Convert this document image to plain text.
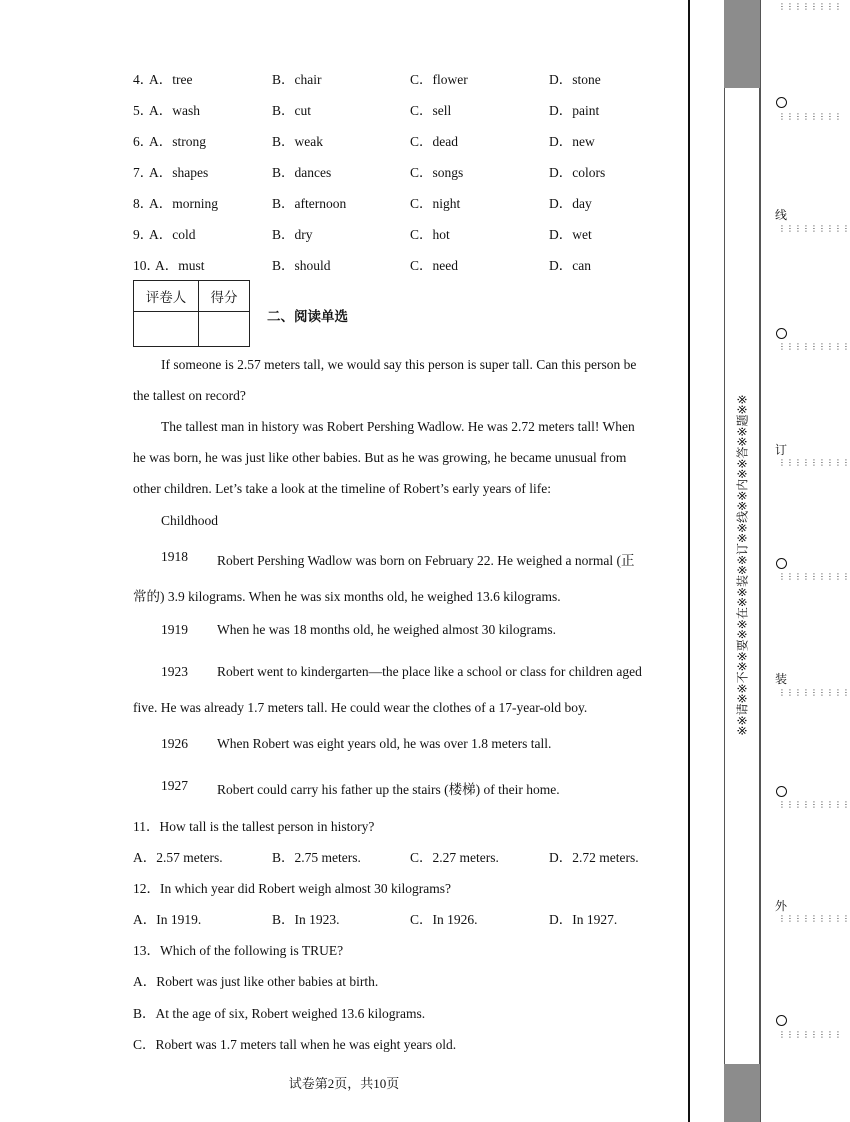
4．
A．tree	B．chair	C．flower	D．stone
5．
A．wash	B．cut	C．sell	D．paint
6．
A．strong	B．weak	C．dead	D．new
7．
A．shapes	B．dances	C．songs	D．colors
8．
A．morning	B．afternoon	C．night	D．day
9．
A．cold	B．dry	C．hot	D．wet
10．
A．must	B．should	C．need	D．can
评卷人	得分

二、阅读单选
If someone is 2.57 meters tall, we would say this person is super tall. Can this person be
the tallest on record?
The tallest man in history was Robert Pershing Wadlow. He was 2.72 meters tall! When
he was born, he was just like other babies. But as he was growing, he became unusual from
other children. Let’s take a look at the timeline of Robert’s early years of life:
Childhood
1918 Robert Pershing Wadlow was born on February 22. He weighed a normal (正
常的) 3.9 kilograms. When he was six months old, he weighed 13.6 kilograms.
1919 When he was 18 months old, he weighed almost 30 kilograms.
1923 Robert went to kindergarten—the place like a school or class for children aged
five. He was already 1.7 meters tall. He could wear the clothes of a 17-year-old boy.
1926 When Robert was eight years old, he was over 1.8 meters tall.
1927 Robert could carry his father up the stairs (楼梯) of their home.
11．How tall is the tallest person in history?
A．2.57 meters.	B．2.75 meters.	C．2.27 meters.	D．2.72 meters.
12．In which year did Robert weigh almost 30 kilograms?
A．In 1919.	B．In 1923.	C．In 1926.	D．In 1927.
13．Which of the following is TRUE?
A．Robert was just like other babies at birth.
B．At the age of six, Robert weighed 13.6 kilograms.
C．Robert was 1.7 meters tall when he was eight years old.
试卷第2页，共10页
※※请※※不※※要※※在※※装※※订※※线※※内※※答※※题※※
⋮⋮⋮⋮⋮⋮⋮⋮
⋮⋮⋮⋮⋮⋮⋮⋮
⋮⋮⋮⋮⋮⋮⋮⋮⋮
⋮⋮⋮⋮⋮⋮⋮⋮⋮
⋮⋮⋮⋮⋮⋮⋮⋮⋮
⋮⋮⋮⋮⋮⋮⋮⋮⋮
⋮⋮⋮⋮⋮⋮⋮⋮⋮
⋮⋮⋮⋮⋮⋮⋮⋮⋮
⋮⋮⋮⋮⋮⋮⋮⋮⋮
⋮⋮⋮⋮⋮⋮⋮⋮
线
订
装
外
